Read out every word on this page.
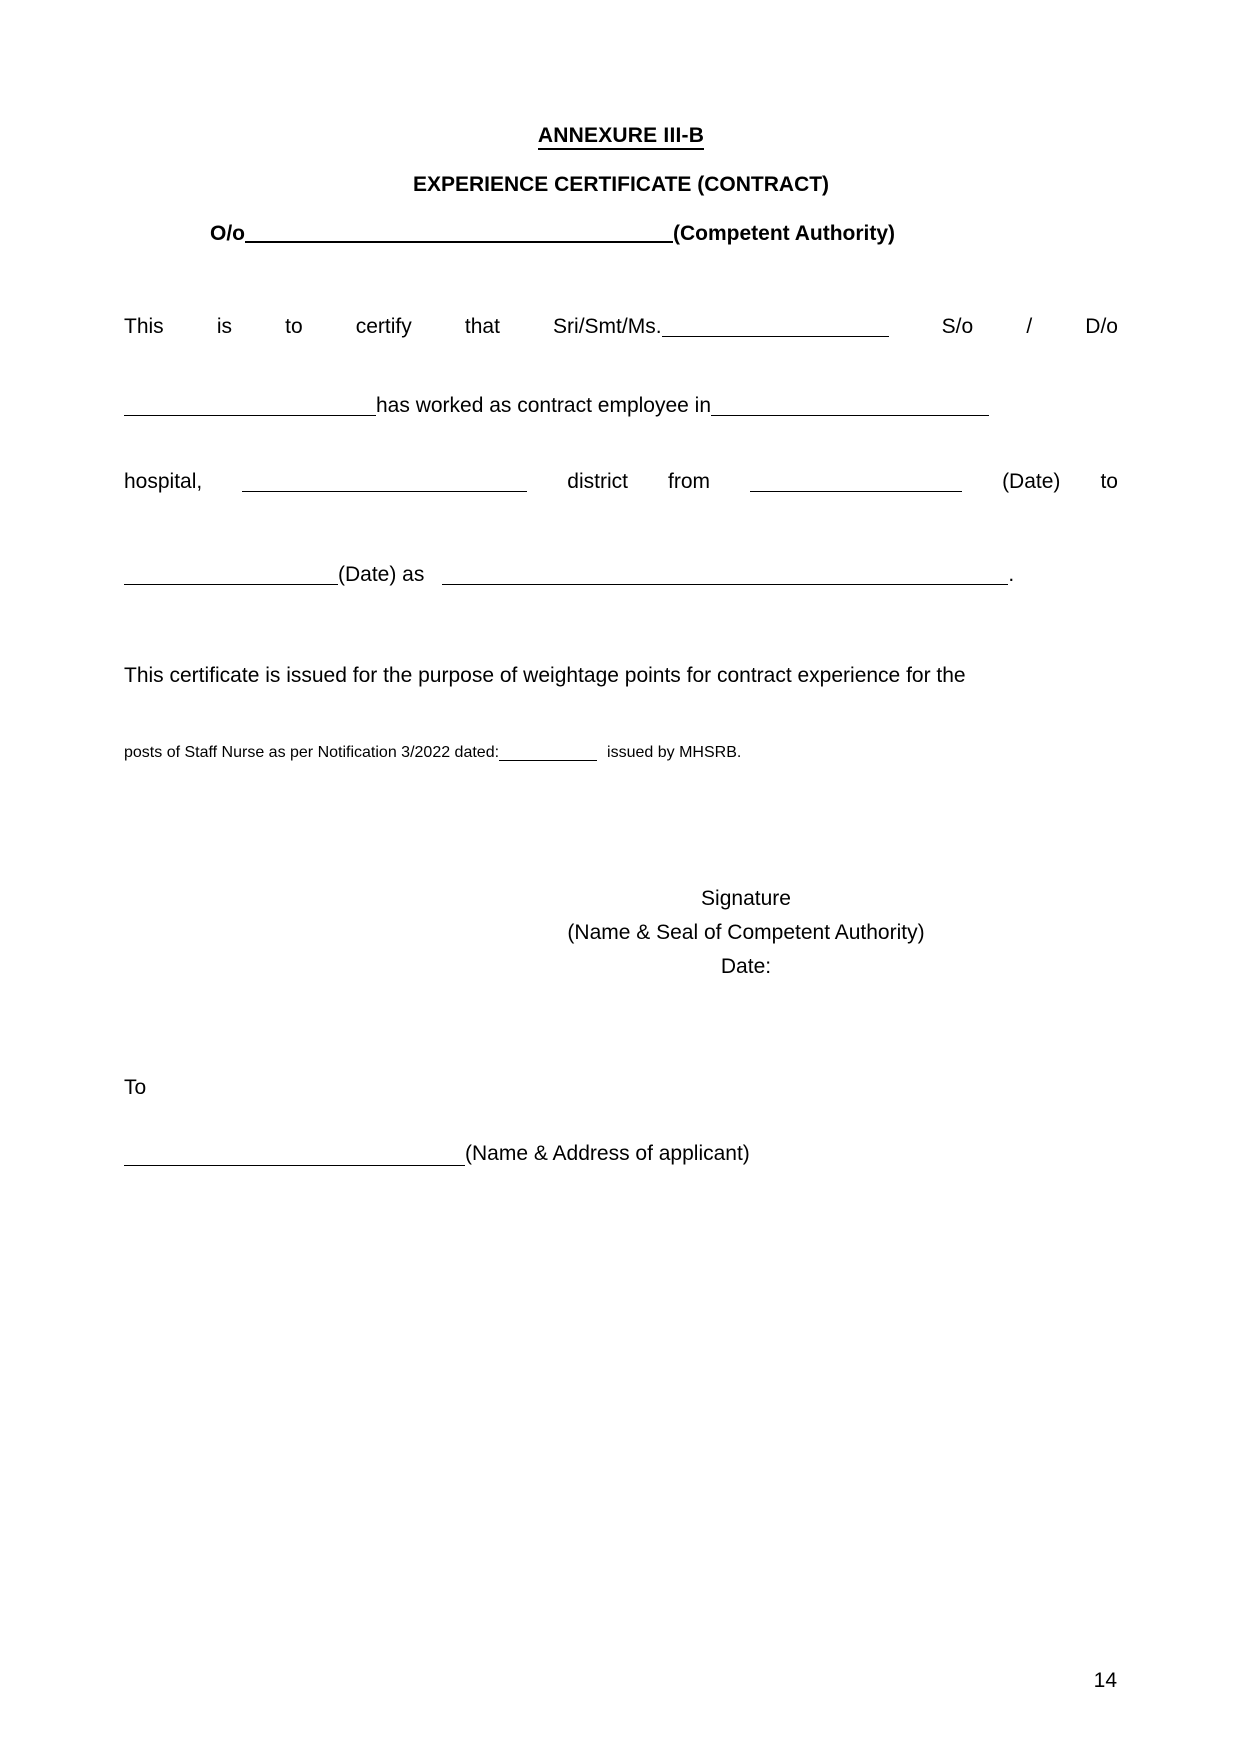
ANNEXURE III-B
EXPERIENCE CERTIFICATE (CONTRACT)
O/o	(Competent Authority)
This	is	to	certify	that	Sri/Smt/Ms.	S/o	/	D/o
has worked as contract employee in
hospital,	district from	(Date) to
(Date) as	.
This certificate is issued for the purpose of weightage points for contract experience for the
posts of Staff Nurse as per Notification 3/2022 dated:	issued by MHSRB.
Signature
(Name & Seal of Competent Authority)
Date:
To
(Name & Address of applicant)
14
